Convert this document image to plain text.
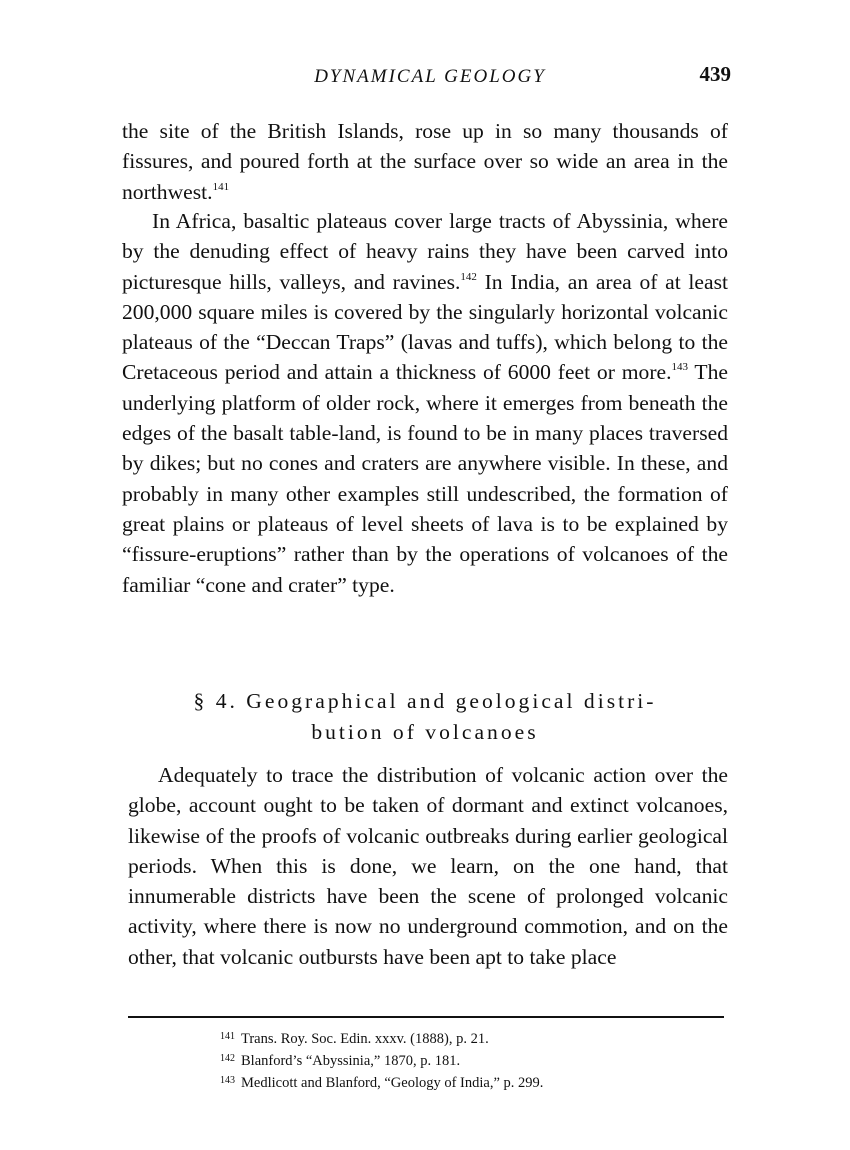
DYNAMICAL GEOLOGY	439

the site of the British Islands, rose up in so many thousands of fissures, and poured forth at the surface over so wide an area in the northwest.$^{141}$

In Africa, basaltic plateaus cover large tracts of Abyssinia, where by the denuding effect of heavy rains they have been carved into picturesque hills, valleys, and ravines.$^{142}$ In India, an area of at least 200,000 square miles is covered by the singularly horizontal volcanic plateaus of the “Deccan Traps” (lavas and tuffs), which belong to the Cretaceous period and attain a thickness of 6000 feet or more.$^{143}$ The underlying platform of older rock, where it emerges from beneath the edges of the basalt table-land, is found to be in many places traversed by dikes; but no cones and craters are anywhere visible. In these, and probably in many other examples still undescribed, the formation of great plains or plateaus of level sheets of lava is to be explained by “fissure-eruptions” rather than by the operations of volcanoes of the familiar “cone and crater” type.

§ 4. Geographical and geological distri-
bution of volcanoes

Adequately to trace the distribution of volcanic action over the globe, account ought to be taken of dormant and extinct volcanoes, likewise of the proofs of volcanic outbreaks during earlier geological periods. When this is done, we learn, on the one hand, that innumerable districts have been the scene of prolonged volcanic activity, where there is now no underground commotion, and on the other, that volcanic outbursts have been apt to take place

$^{141}$ Trans. Roy. Soc. Edin. xxxv. (1888), p. 21.
$^{142}$ Blanford’s “Abyssinia,” 1870, p. 181.
$^{143}$ Medlicott and Blanford, “Geology of India,” p. 299.
